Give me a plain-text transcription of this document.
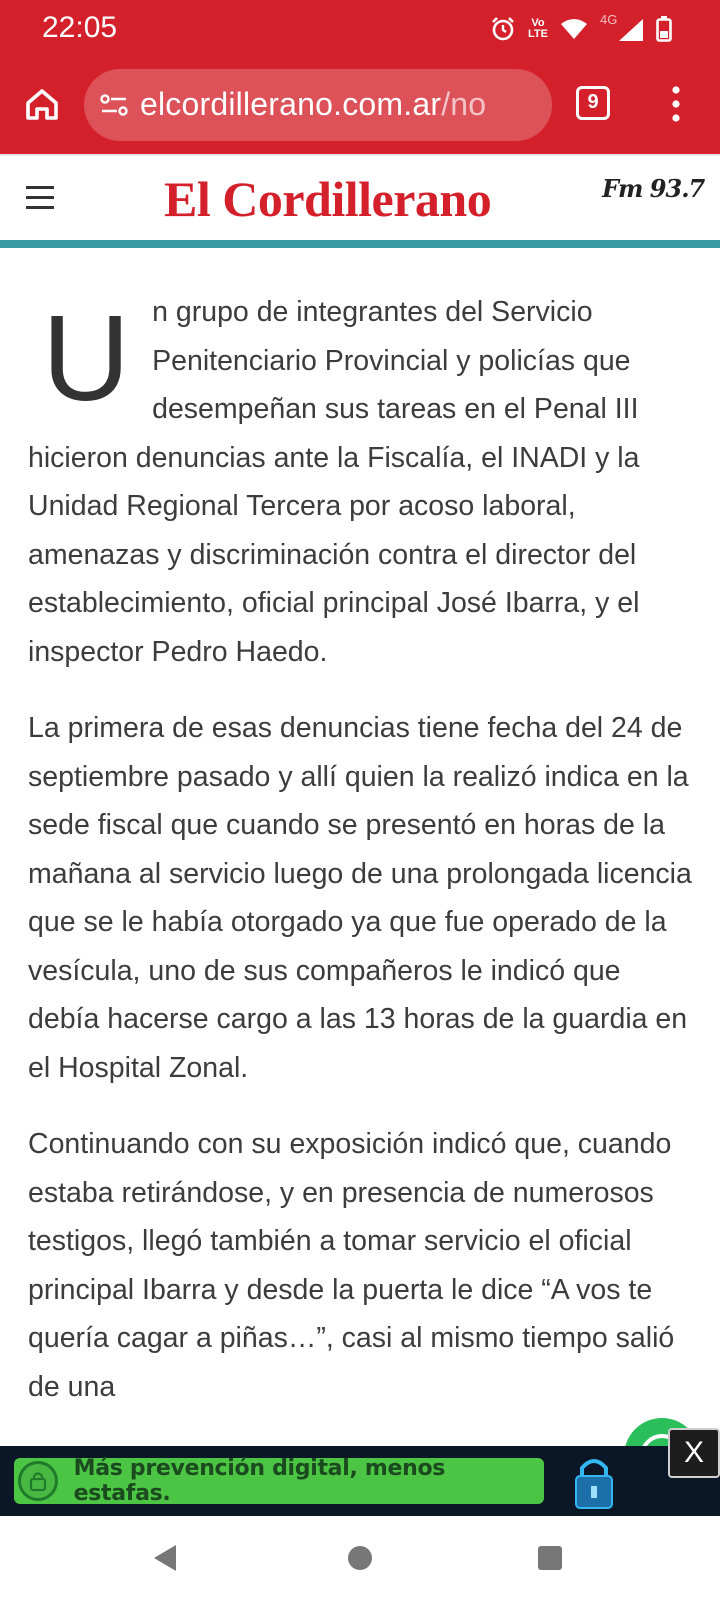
22:05	Vo
LTE
4G
elcordillerano.com.ar/no	9
El Cordillerano	Fm 93.7

Un grupo de integrantes del Servicio Penitenciario Provincial y policías que desempeñan sus tareas en el Penal III hicieron denuncias ante la Fiscalía, el INADI y la Unidad Regional Tercera por acoso laboral, amenazas y discriminación contra el director del establecimiento, oficial principal José Ibarra, y el inspector Pedro Haedo.

La primera de esas denuncias tiene fecha del 24 de septiembre pasado y allí quien la realizó indica en la sede fiscal que cuando se presentó en horas de la mañana al servicio luego de una prolongada licencia que se le había otorgado ya que fue operado de la vesícula, uno de sus compañeros le indicó que debía hacerse cargo a las 13 horas de la guardia en el Hospital Zonal.

Continuando con su exposición indicó que, cuando estaba retirándose, y en presencia de numerosos testigos, llegó también a tomar servicio el oficial principal Ibarra y desde la puerta le dice “A vos te quería cagar a piñas…”, casi al mismo tiempo salió de una

Más prevención digital, menos estafas.
X
